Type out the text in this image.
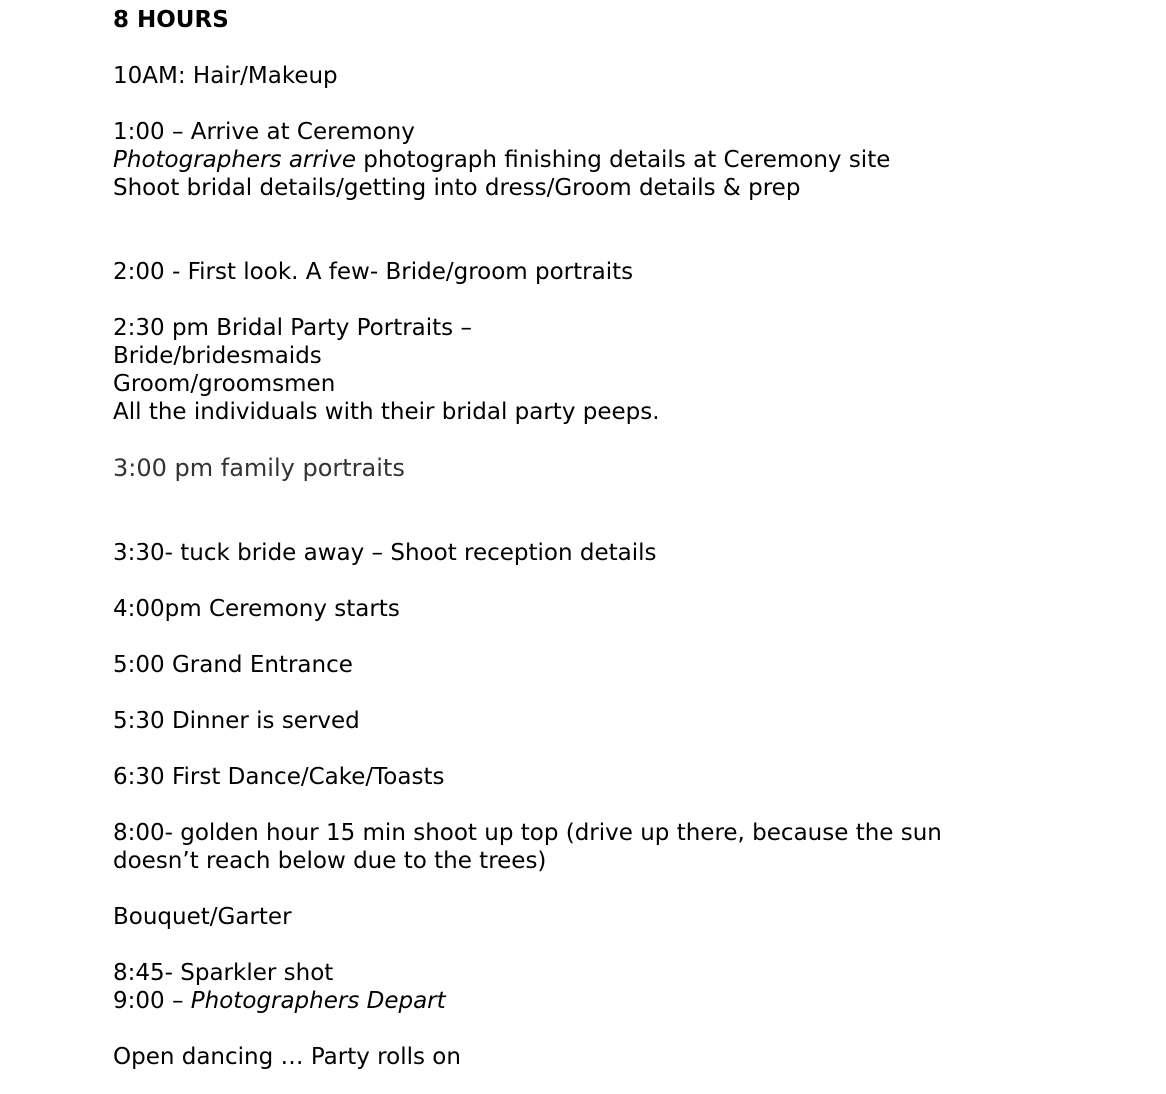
8 HOURS
10AM: Hair/Makeup
1:00 – Arrive at Ceremony
Photographers arrive photograph finishing details at Ceremony site
Shoot bridal details/getting into dress/Groom details & prep
2:00 - First look. A few- Bride/groom portraits
2:30 pm Bridal Party Portraits –
Bride/bridesmaids
Groom/groomsmen
All the individuals with their bridal party peeps.
3:00 pm family portraits
3:30- tuck bride away – Shoot reception details
4:00pm Ceremony starts
5:00 Grand Entrance
5:30 Dinner is served
6:30 First Dance/Cake/Toasts
8:00- golden hour 15 min shoot up top (drive up there, because the sun
doesn’t reach below due to the trees)
Bouquet/Garter
8:45- Sparkler shot
9:00 – Photographers Depart
Open dancing … Party rolls on
